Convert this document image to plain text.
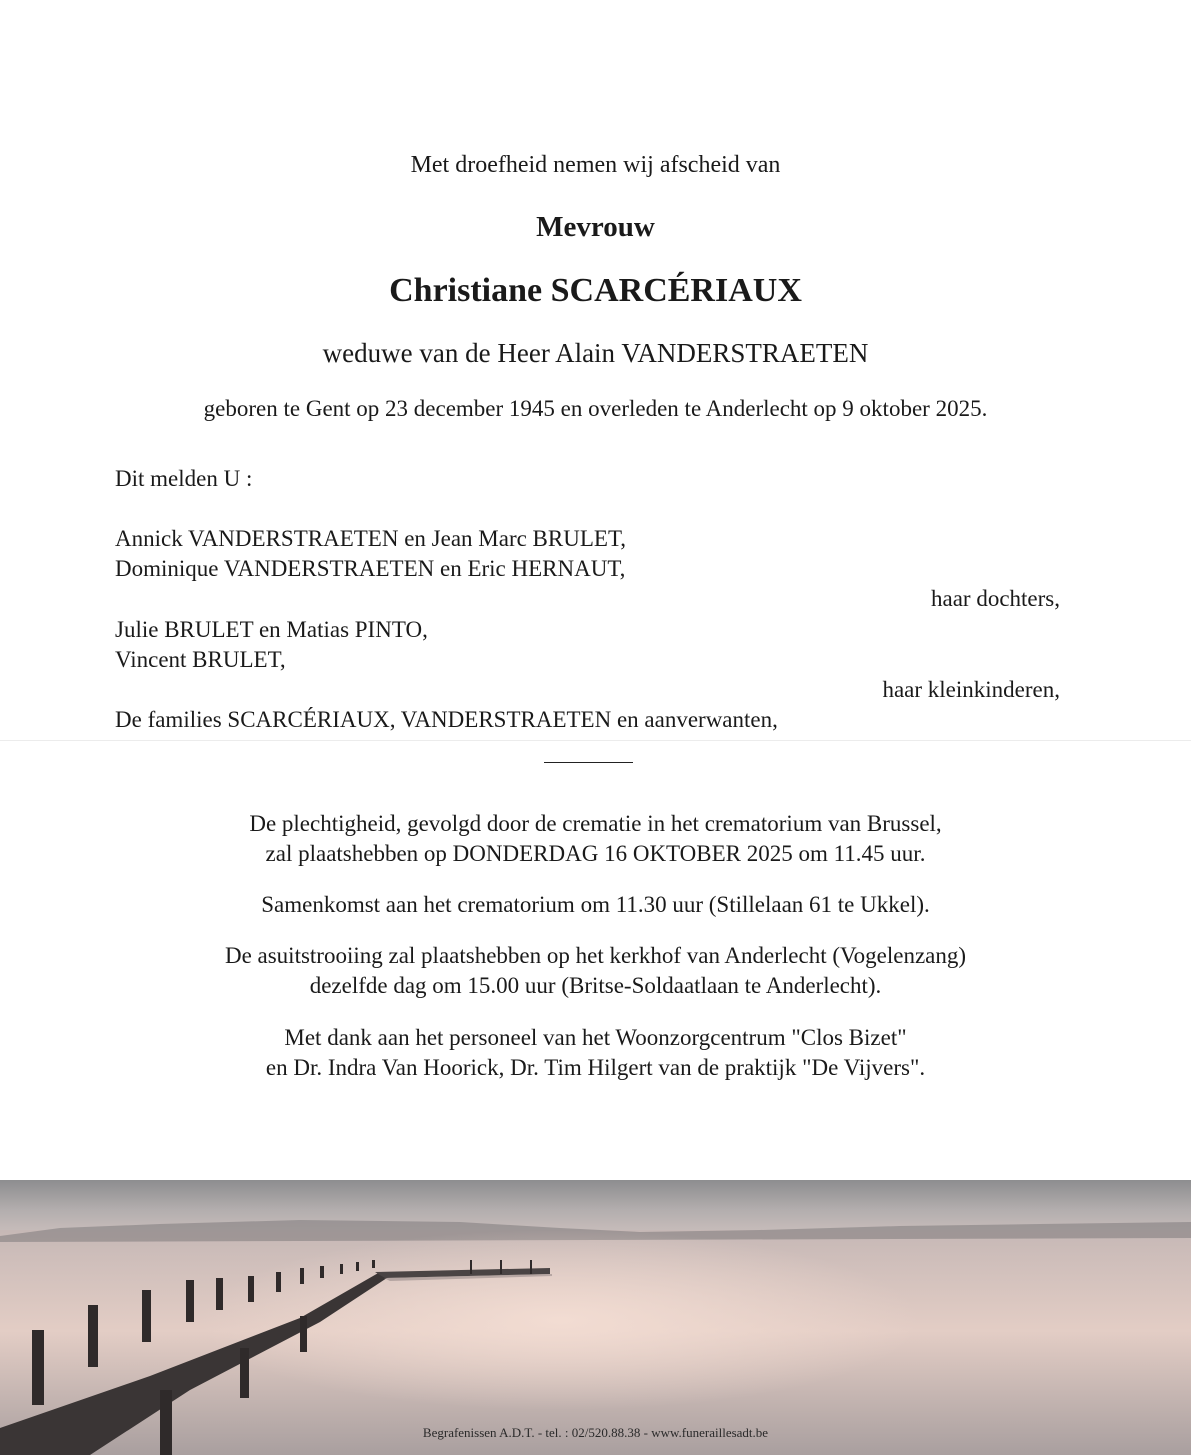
Met droefheid nemen wij afscheid van

Mevrouw

Christiane SCARCÉRIAUX

weduwe van de Heer Alain VANDERSTRAETEN

geboren te Gent op 23 december 1945 en overleden te Anderlecht op 9 oktober 2025.

Dit melden U :

Annick VANDERSTRAETEN en Jean Marc BRULET,

Dominique VANDERSTRAETEN en Eric HERNAUT,

haar dochters,

Julie BRULET en Matias PINTO,

Vincent BRULET,

haar kleinkinderen,

De families SCARCÉRIAUX, VANDERSTRAETEN en aanverwanten,

De plechtigheid, gevolgd door de crematie in het crematorium van Brussel,

zal plaatshebben op DONDERDAG 16 OKTOBER 2025 om 11.45 uur.

Samenkomst aan het crematorium om 11.30 uur (Stillelaan 61 te Ukkel).

De asuitstrooiing zal plaatshebben op het kerkhof van Anderlecht (Vogelenzang)

dezelfde dag om 15.00 uur (Britse-Soldaatlaan te Anderlecht).

Met dank aan het personeel van het Woonzorgcentrum "Clos Bizet"

en Dr. Indra Van Hoorick, Dr. Tim Hilgert van de praktijk "De Vijvers".

Begrafenissen A.D.T. - tel. : 02/520.88.38 - www.funeraillesadt.be
